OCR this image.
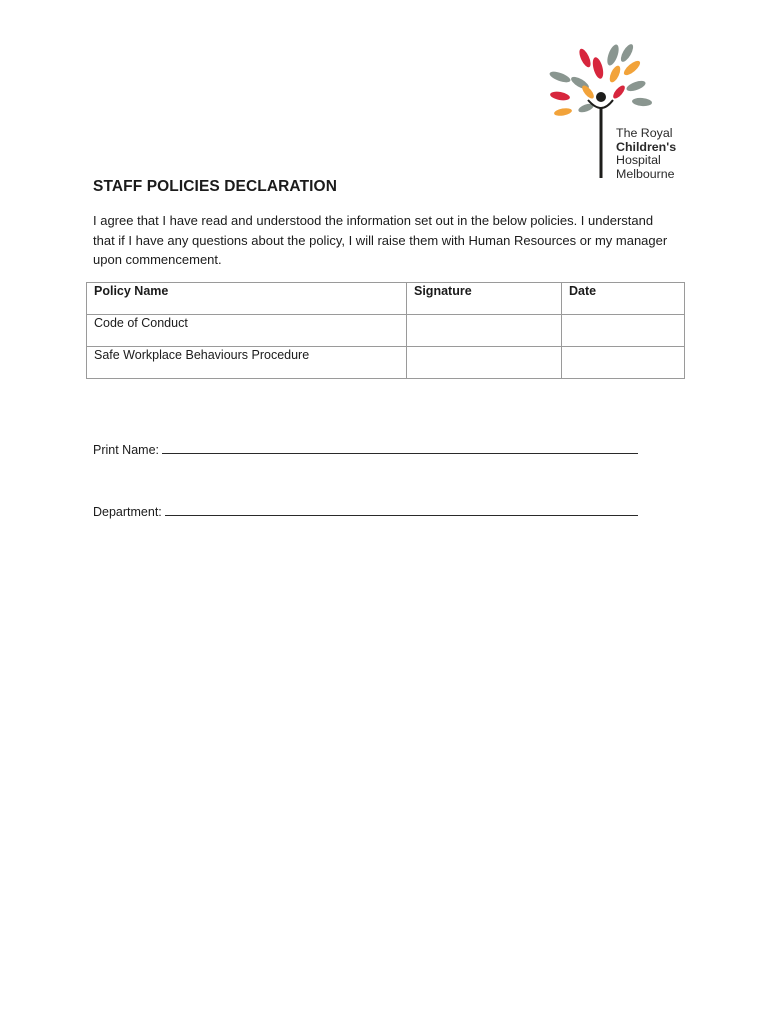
The Royal
Children's
Hospital
Melbourne
STAFF POLICIES DECLARATION
I agree that I have read and understood the information set out in the below policies. I understand
that if I have any questions about the policy, I will raise them with Human Resources or my manager
upon commencement.
Policy Name	Signature	Date
Code of Conduct		
Safe Workplace Behaviours Procedure		
Print Name:
Department:
